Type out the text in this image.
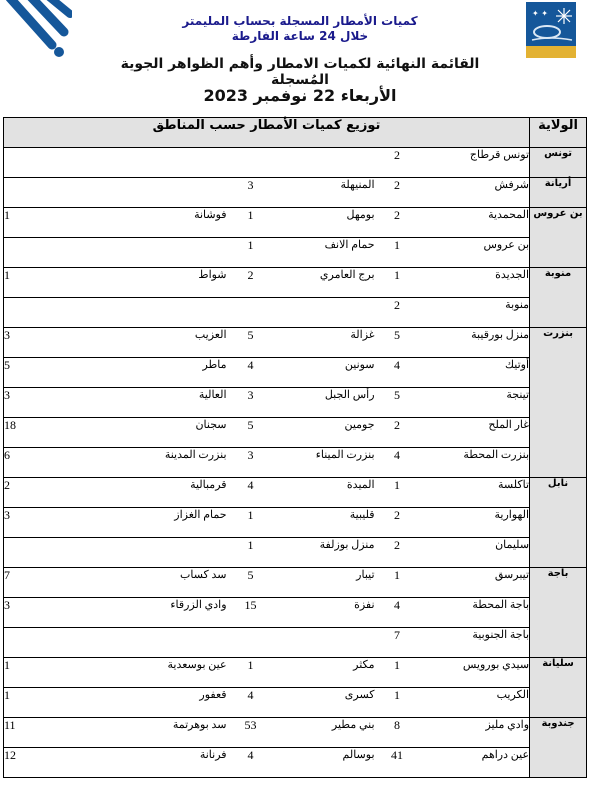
✦ ✦
كميات الأمطار المسجلة بحساب المليمتر
خلال 24 ساعة الفارطة
القائمة النهائية لكميات الامطار وأهم الظواهر الجوية المُسجلة
الأربعاء 22 نوفمبر 2023
الولاية	توزيع كميات الأمطار حسب المناطق					
تونس	تونس قرطاج	2				
أريانة	شرفش	2	المنيهلة	3		
بن عروس	المحمدية	2	بومهل	1	فوشانة	1
	بن عروس	1	حمام الانف	1		
منوبة	الجديدة	1	برج العامري	2	شواط	1
	منوبة	2				
بنزرت	منزل بورقيبة	5	غزالة	5	العزيب	3
	أوتيك	4	سونين	4	ماطر	5
	تينجة	5	رأس الجبل	3	العالية	3
	غار الملح	2	جومين	5	سجنان	18
	بنزرت المحطة	4	بنزرت الميناء	3	بنزرت المدينة	6
نابل	تاكلسة	1	الميدة	4	قرمبالية	2
	الهوارية	2	قليبية	1	حمام الغزاز	3
	سليمان	2	منزل بوزلفة	1		
باجة	تيبرسق	1	تيبار	5	سد كساب	7
	باجة المحطة	4	نفزة	15	وادي الزرقاء	3
	باجة الجنوبية	7				
سليانة	سيدي بورويس	1	مكثر	1	عين بوسعدية	1
	الكريب	1	كسرى	4	قعفور	1
جندوبة	وادي مليز	8	بني مطير	53	سد بوهرتمة	11
	عين دراهم	41	بوسالم	4	فرنانة	12
